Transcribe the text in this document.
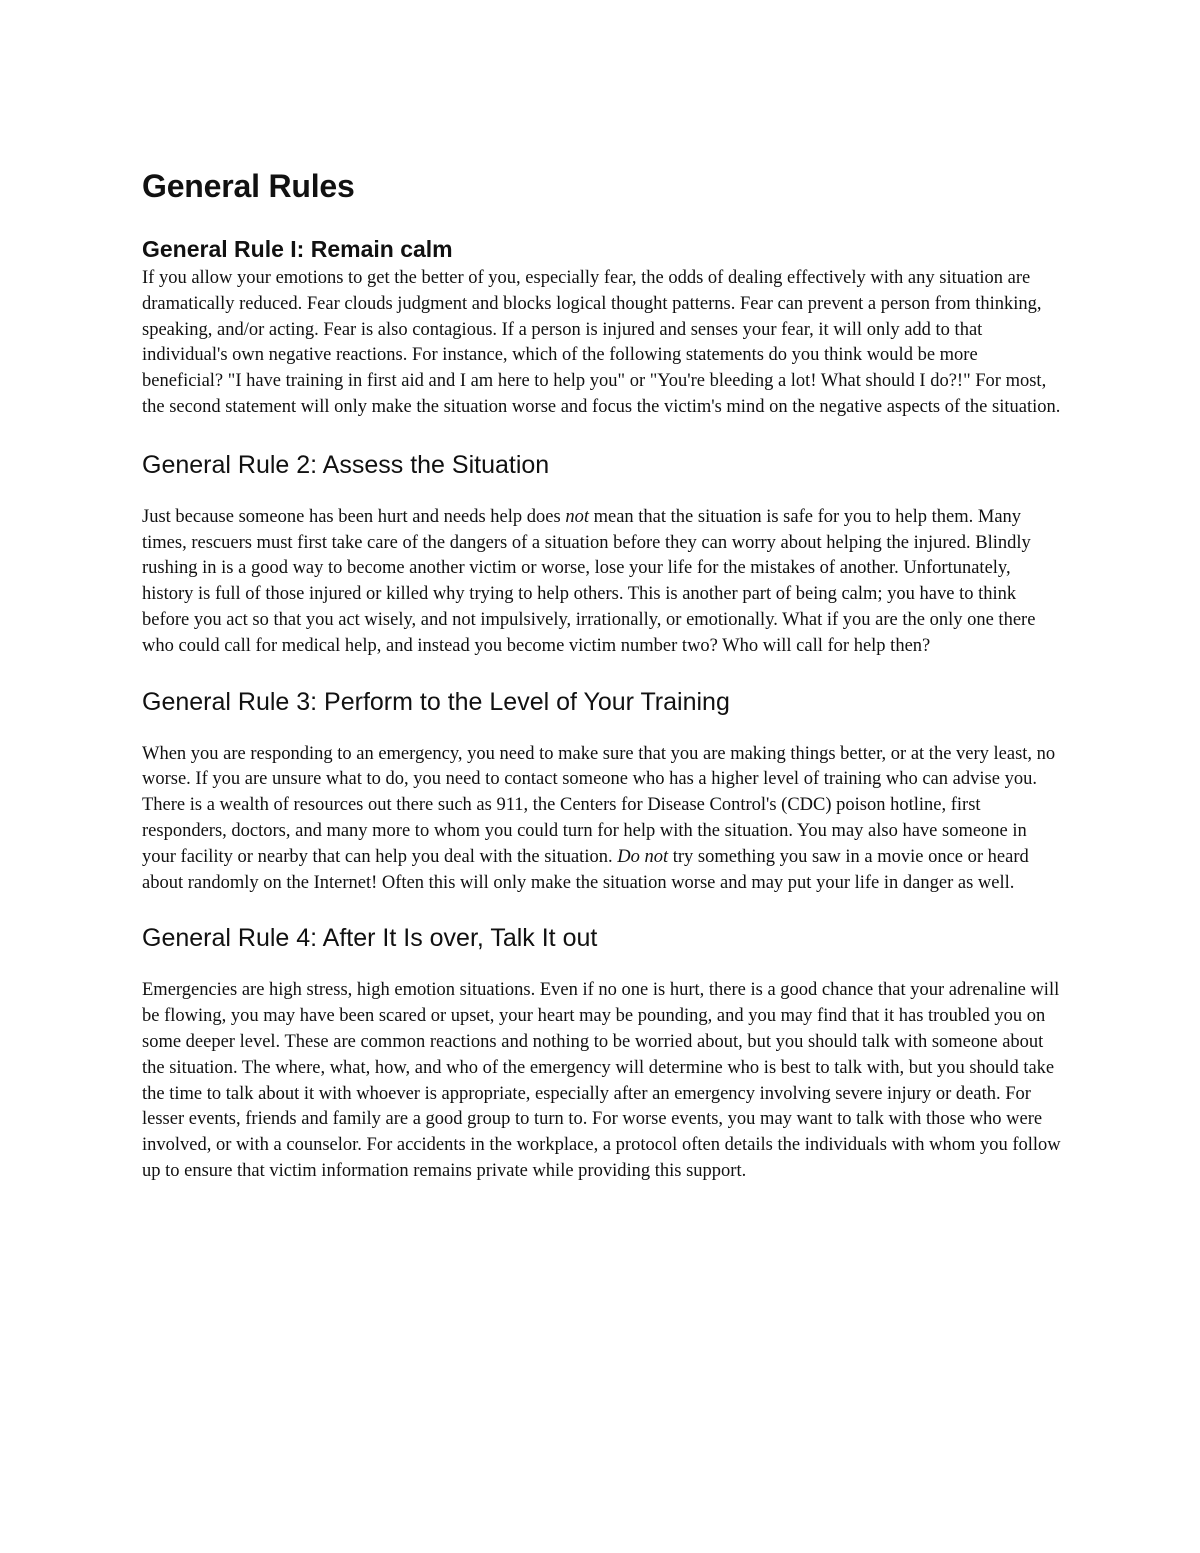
General Rules
General Rule I: Remain calm

If you allow your emotions to get the better of you, especially fear, the odds of dealing effectively with any situation are dramatically reduced. Fear clouds judgment and blocks logical thought patterns. Fear can prevent a person from thinking, speaking, and/or acting. Fear is also contagious. If a person is injured and senses your fear, it will only add to that individual's own negative reactions. For instance, which of the following statements do you think would be more beneficial? "I have training in first aid and I am here to help you" or "You're bleeding a lot! What should I do?!" For most, the second statement will only make the situation worse and focus the victim's mind on the negative aspects of the situation.

General Rule 2: Assess the Situation

Just because someone has been hurt and needs help does not mean that the situation is safe for you to help them. Many times, rescuers must first take care of the dangers of a situation before they can worry about helping the injured. Blindly rushing in is a good way to become another victim or worse, lose your life for the mistakes of another. Unfortunately, history is full of those injured or killed why trying to help others. This is another part of being calm; you have to think before you act so that you act wisely, and not impulsively, irrationally, or emotionally. What if you are the only one there who could call for medical help, and instead you become victim number two? Who will call for help then?

General Rule 3: Perform to the Level of Your Training

When you are responding to an emergency, you need to make sure that you are making things better, or at the very least, no worse. If you are unsure what to do, you need to contact someone who has a higher level of training who can advise you. There is a wealth of resources out there such as 911, the Centers for Disease Control's (CDC) poison hotline, first responders, doctors, and many more to whom you could turn for help with the situation. You may also have someone in your facility or nearby that can help you deal with the situation. Do not try something you saw in a movie once or heard about randomly on the Internet! Often this will only make the situation worse and may put your life in danger as well.

General Rule 4: After It Is over, Talk It out

Emergencies are high stress, high emotion situations. Even if no one is hurt, there is a good chance that your adrenaline will be flowing, you may have been scared or upset, your heart may be pounding, and you may find that it has troubled you on some deeper level. These are common reactions and nothing to be worried about, but you should talk with someone about the situation. The where, what, how, and who of the emergency will determine who is best to talk with, but you should take the time to talk about it with whoever is appropriate, especially after an emergency involving severe injury or death. For lesser events, friends and family are a good group to turn to. For worse events, you may want to talk with those who were involved, or with a counselor. For accidents in the workplace, a protocol often details the individuals with whom you follow up to ensure that victim information remains private while providing this support.
